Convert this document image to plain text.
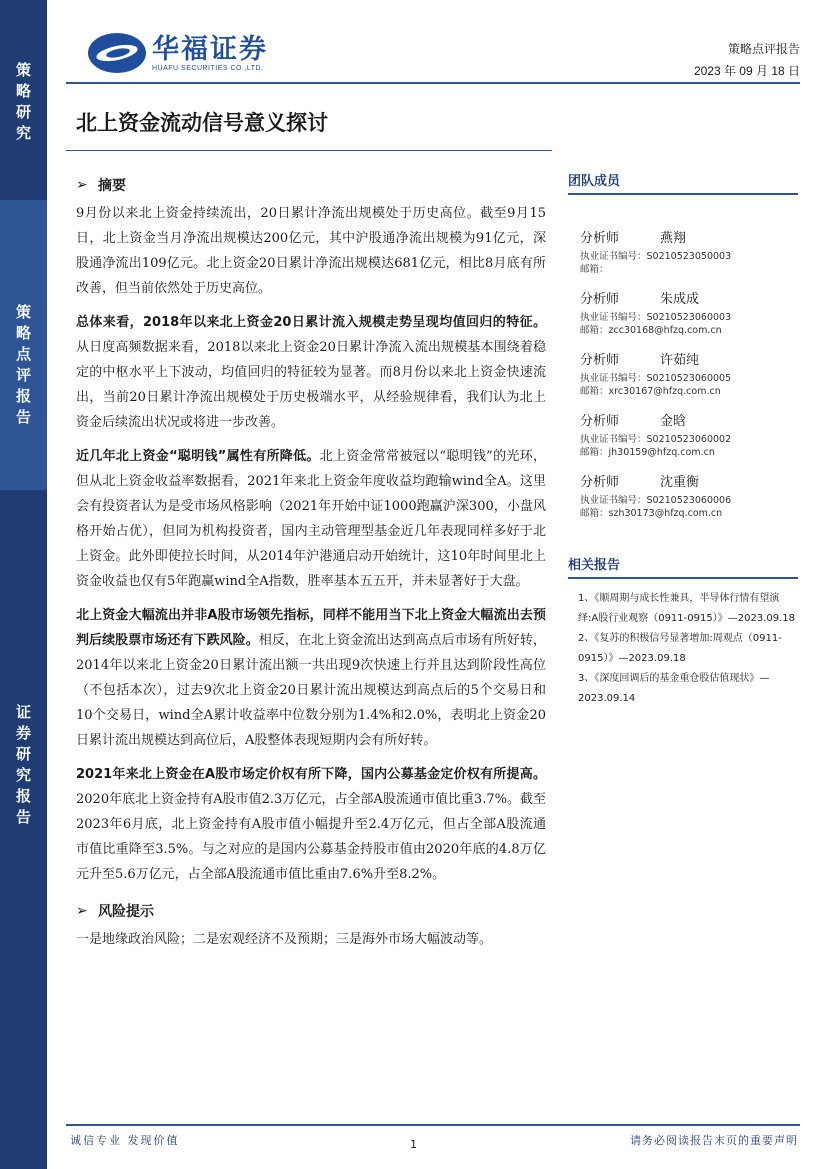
策略研究
策略点评报告
证券研究报告
华福证券
HUAFU SECURITIES CO.,LTD.
策略点评报告
2023 年 09 月 18 日
北上资金流动信号意义探讨
➢ 摘要

9月份以来北上资金持续流出，20日累计净流出规模处于历史高位。截至9月15日，北上资金当月净流出规模达200亿元，其中沪股通净流出规模为91亿元，深股通净流出109亿元。北上资金20日累计净流出规模达681亿元，相比8月底有所改善，但当前依然处于历史高位。

总体来看，2018年以来北上资金20日累计流入规模走势呈现均值回归的特征。从日度高频数据来看，2018以来北上资金20日累计净流入流出规模基本围绕着稳定的中枢水平上下波动，均值回归的特征较为显著。而8月份以来北上资金快速流出，当前20日累计净流出规模处于历史极端水平，从经验规律看，我们认为北上资金后续流出状况或将进一步改善。

近几年北上资金“聪明钱”属性有所降低。北上资金常常被冠以“聪明钱”的光环，但从北上资金收益率数据看，2021年来北上资金年度收益均跑输wind全A。这里会有投资者认为是受市场风格影响（2021年开始中证1000跑赢沪深300，小盘风格开始占优），但同为机构投资者，国内主动管理型基金近几年表现同样多好于北上资金。此外即使拉长时间，从2014年沪港通启动开始统计，这10年时间里北上资金收益也仅有5年跑赢wind全A指数，胜率基本五五开，并未显著好于大盘。

北上资金大幅流出并非A股市场领先指标，同样不能用当下北上资金大幅流出去预判后续股票市场还有下跌风险。相反，在北上资金流出达到高点后市场有所好转，2014年以来北上资金20日累计流出额一共出现9次快速上行并且达到阶段性高位（不包括本次），过去9次北上资金20日累计流出规模达到高点后的5个交易日和10个交易日，wind全A累计收益率中位数分别为1.4%和2.0%，表明北上资金20日累计流出规模达到高位后，A股整体表现短期内会有所好转。

2021年来北上资金在A股市场定价权有所下降，国内公募基金定价权有所提高。2020年底北上资金持有A股市值2.3万亿元，占全部A股流通市值比重3.7%。截至2023年6月底，北上资金持有A股市值小幅提升至2.4万亿元，但占全部A股流通市值比重降至3.5%。与之对应的是国内公募基金持股市值由2020年底的4.8万亿元升至5.6万亿元，占全部A股流通市值比重由7.6%升至8.2%。

➢ 风险提示

一是地缘政治风险；二是宏观经济不及预期；三是海外市场大幅波动等。

团队成员
分析师	燕翔
执业证书编号： S0210523050003
邮箱：
分析师	朱成成
执业证书编号： S0210523060003
邮箱： zcc30168@hfzq.com.cn
分析师	许茹纯
执业证书编号： S0210523060005
邮箱： xrc30167@hfzq.com.cn
分析师	金晗
执业证书编号： S0210523060002
邮箱： jh30159@hfzq.com.cn
分析师	沈重衡
执业证书编号： S0210523060006
邮箱： szh30173@hfzq.com.cn
相关报告
1、《顺周期与成长性兼具，半导体行情有望演绎:A股行业观察（0911-0915）》—2023.09.18
2、《复苏的积极信号显著增加:周观点（0911-0915）》—2023.09.18
3、《深度回调后的基金重仓股估值现状》—2023.09.14
诚信专业 发现价值	1	请务必阅读报告末页的重要声明
